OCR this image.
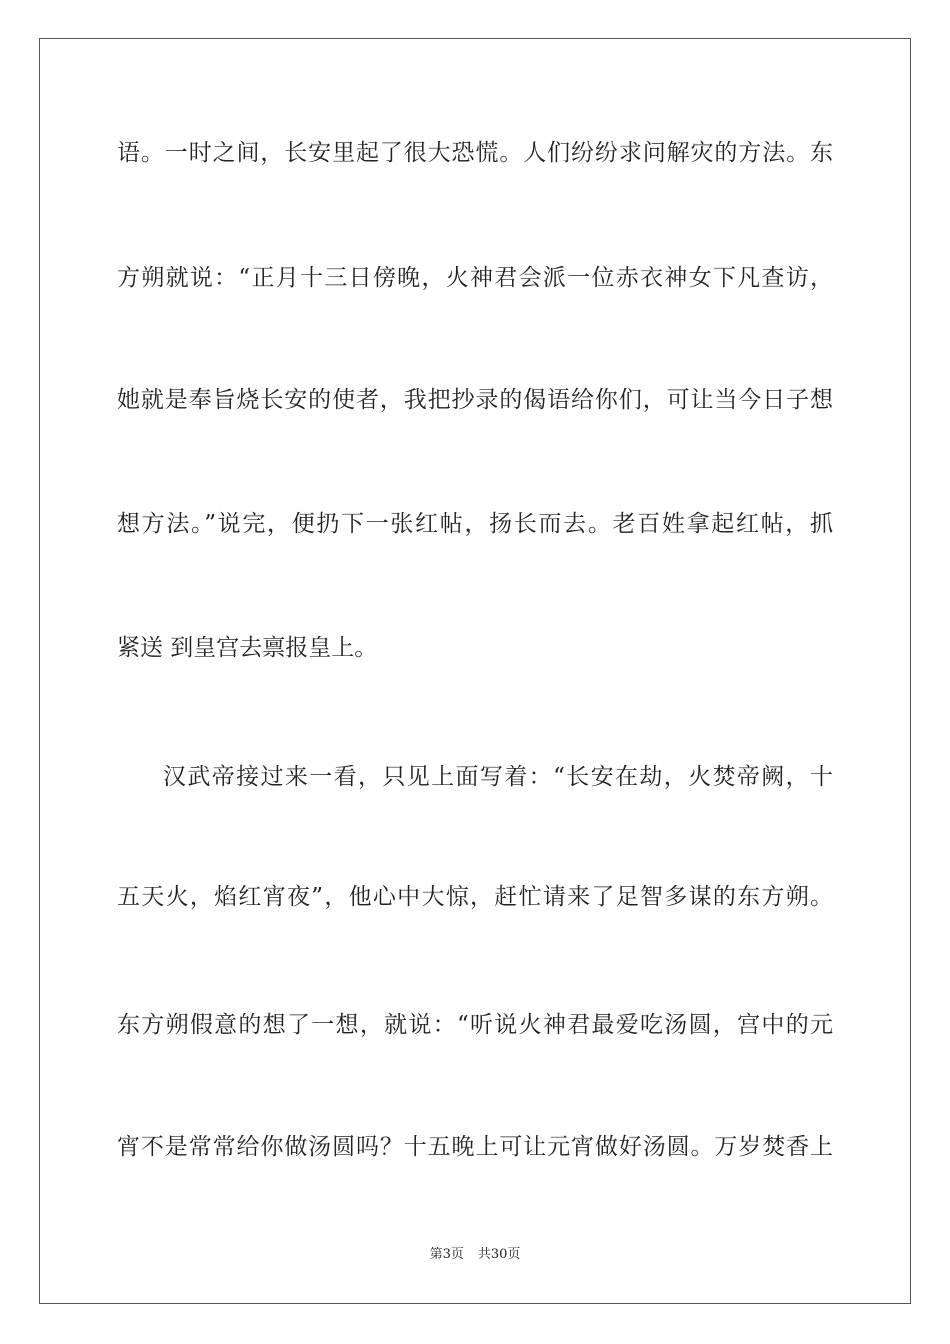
语。一时之间，长安里起了很大恐慌。人们纷纷求问解灾的方法。东
方朔就说：“正月十三日傍晚，火神君会派一位赤衣神女下凡查访，
她就是奉旨烧长安的使者，我把抄录的偈语给你们，可让当今日子想
想方法。”说完，便扔下一张红帖，扬长而去。老百姓拿起红帖，抓
紧送 到皇宫去禀报皇上。
汉武帝接过来一看，只见上面写着：“长安在劫，火焚帝阙，十
五天火，焰红宵夜”，他心中大惊，赶忙请来了足智多谋的东方朔。
东方朔假意的想了一想，就说：“听说火神君最爱吃汤圆，宫中的元
宵不是常常给你做汤圆吗？十五晚上可让元宵做好汤圆。万岁焚香上
第3页 共30页
